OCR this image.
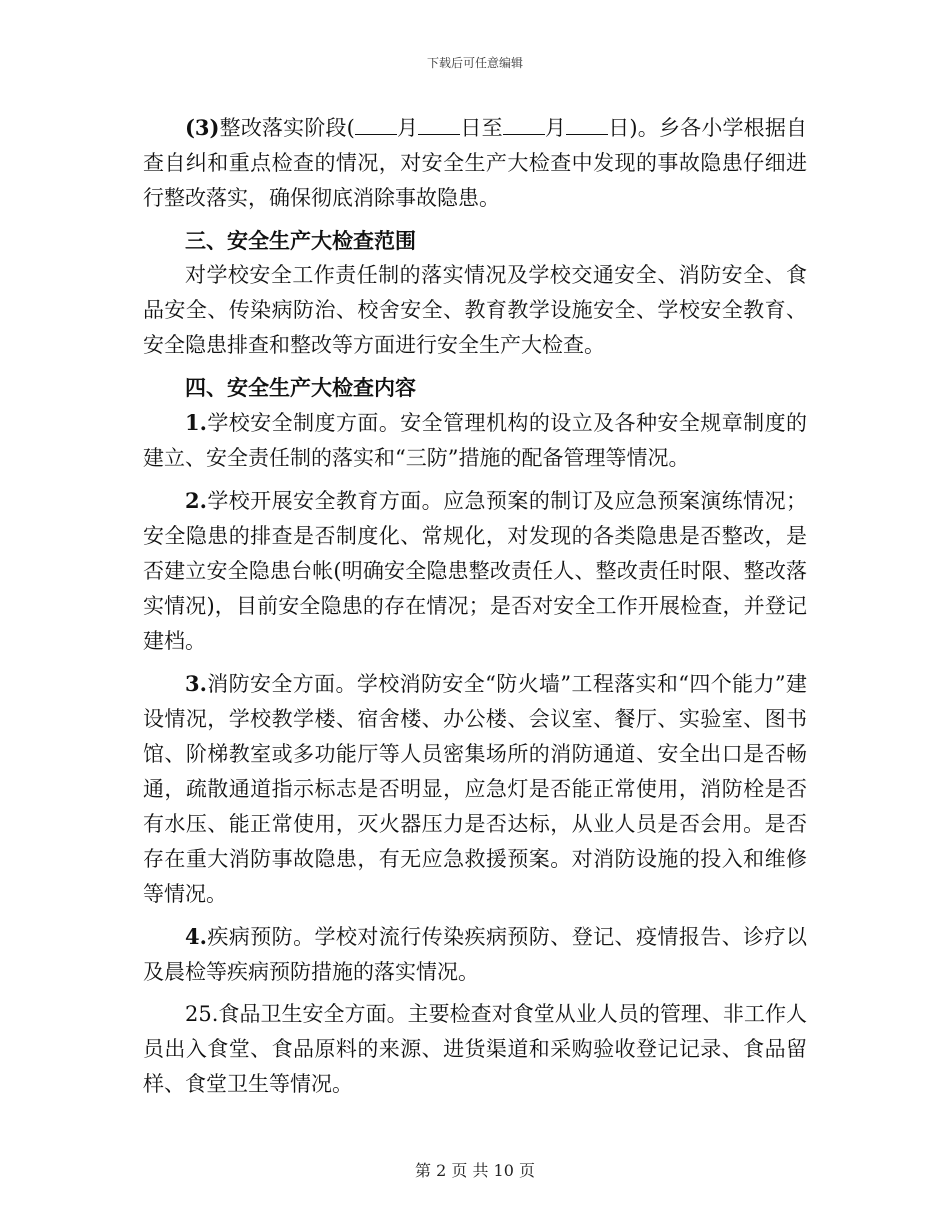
下载后可任意编辑

(3)整改落实阶段( 月 日至 月 日)。乡各小学根据自查自纠和重点检查的情况，对安全生产大检查中发现的事故隐患仔细进行整改落实，确保彻底消除事故隐患。

三、安全生产大检查范围

对学校安全工作责任制的落实情况及学校交通安全、消防安全、食品安全、传染病防治、校舍安全、教育教学设施安全、学校安全教育、安全隐患排查和整改等方面进行安全生产大检查。

四、安全生产大检查内容

1.学校安全制度方面。安全管理机构的设立及各种安全规章制度的建立、安全责任制的落实和“三防”措施的配备管理等情况。

2.学校开展安全教育方面。应急预案的制订及应急预案演练情况；安全隐患的排查是否制度化、常规化，对发现的各类隐患是否整改，是否建立安全隐患台帐(明确安全隐患整改责任人、整改责任时限、整改落实情况)，目前安全隐患的存在情况；是否对安全工作开展检查，并登记建档。

3.消防安全方面。学校消防安全“防火墙”工程落实和“四个能力”建设情况，学校教学楼、宿舍楼、办公楼、会议室、餐厅、实验室、图书馆、阶梯教室或多功能厅等人员密集场所的消防通道、安全出口是否畅通，疏散通道指示标志是否明显，应急灯是否能正常使用，消防栓是否有水压、能正常使用，灭火器压力是否达标，从业人员是否会用。是否存在重大消防事故隐患，有无应急救援预案。对消防设施的投入和维修等情况。

4.疾病预防。学校对流行传染疾病预防、登记、疫情报告、诊疗以及晨检等疾病预防措施的落实情况。

25.食品卫生安全方面。主要检查对食堂从业人员的管理、非工作人员出入食堂、食品原料的来源、进货渠道和采购验收登记记录、食品留样、食堂卫生等情况。

第 2 页 共 10 页
